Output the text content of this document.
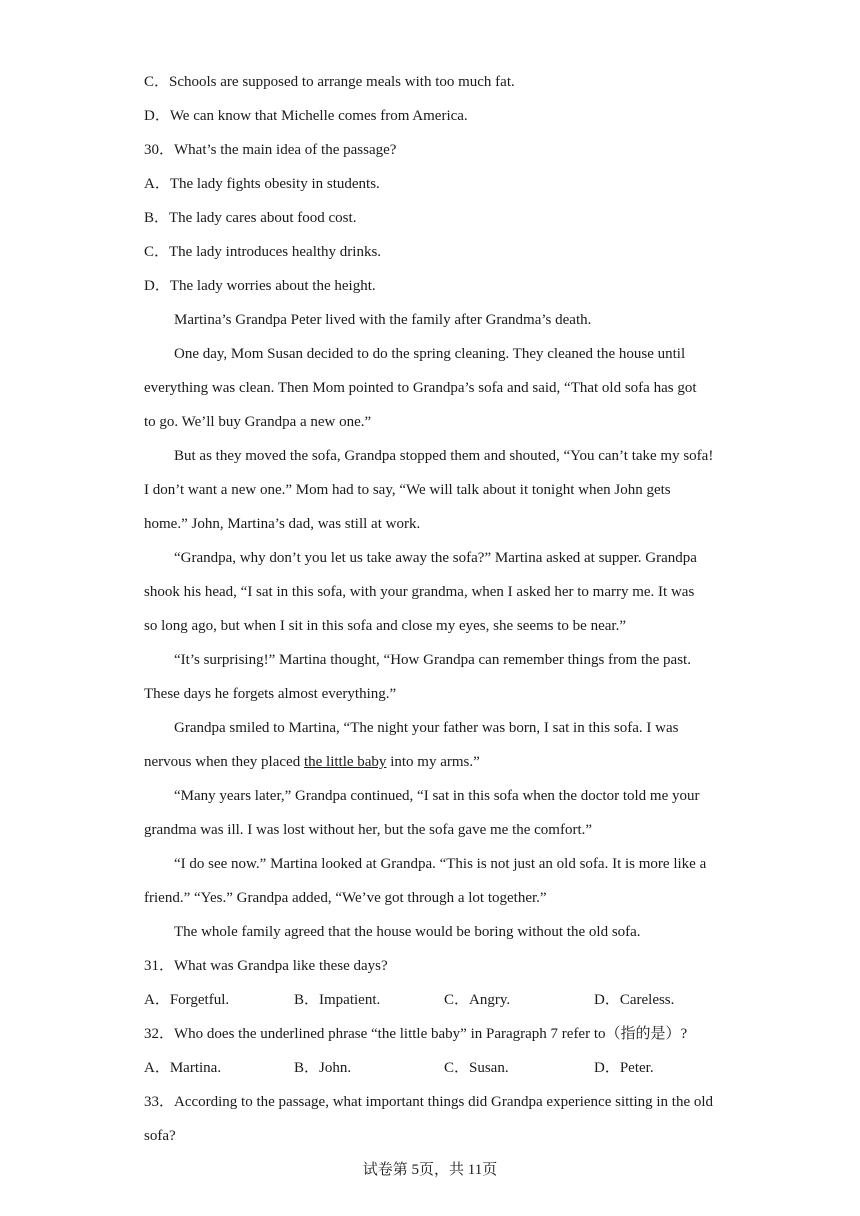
C．Schools are supposed to arrange meals with too much fat.
D．We can know that Michelle comes from America.
30．What’s the main idea of the passage?
A．The lady fights obesity in students.
B．The lady cares about food cost.
C．The lady introduces healthy drinks.
D．The lady worries about the height.
Martina’s Grandpa Peter lived with the family after Grandma’s death.
One day, Mom Susan decided to do the spring cleaning. They cleaned the house until
everything was clean. Then Mom pointed to Grandpa’s sofa and said, “That old sofa has got
to go. We’ll buy Grandpa a new one.”
But as they moved the sofa, Grandpa stopped them and shouted, “You can’t take my sofa!
I don’t want a new one.” Mom had to say, “We will talk about it tonight when John gets
home.” John, Martina’s dad, was still at work.
“Grandpa, why don’t you let us take away the sofa?” Martina asked at supper. Grandpa
shook his head, “I sat in this sofa, with your grandma, when I asked her to marry me. It was
so long ago, but when I sit in this sofa and close my eyes, she seems to be near.”
“It’s surprising!” Martina thought, “How Grandpa can remember things from the past.
These days he forgets almost everything.”
Grandpa smiled to Martina, “The night your father was born, I sat in this sofa. I was
nervous when they placed the little baby into my arms.”
“Many years later,” Grandpa continued, “I sat in this sofa when the doctor told me your
grandma was ill. I was lost without her, but the sofa gave me the comfort.”
“I do see now.” Martina looked at Grandpa. “This is not just an old sofa. It is more like a
friend.” “Yes.” Grandpa added, “We’ve got through a lot together.”
The whole family agreed that the house would be boring without the old sofa.
31．What was Grandpa like these days?
A．Forgetful.	B．Impatient.	C．Angry.	D．Careless.
32．Who does the underlined phrase “the little baby” in Paragraph 7 refer to（指的是）?
A．Martina.	B．John.	C．Susan.	D．Peter.
33．According to the passage, what important things did Grandpa experience sitting in the old
sofa?
试卷第 5页，共 11页
